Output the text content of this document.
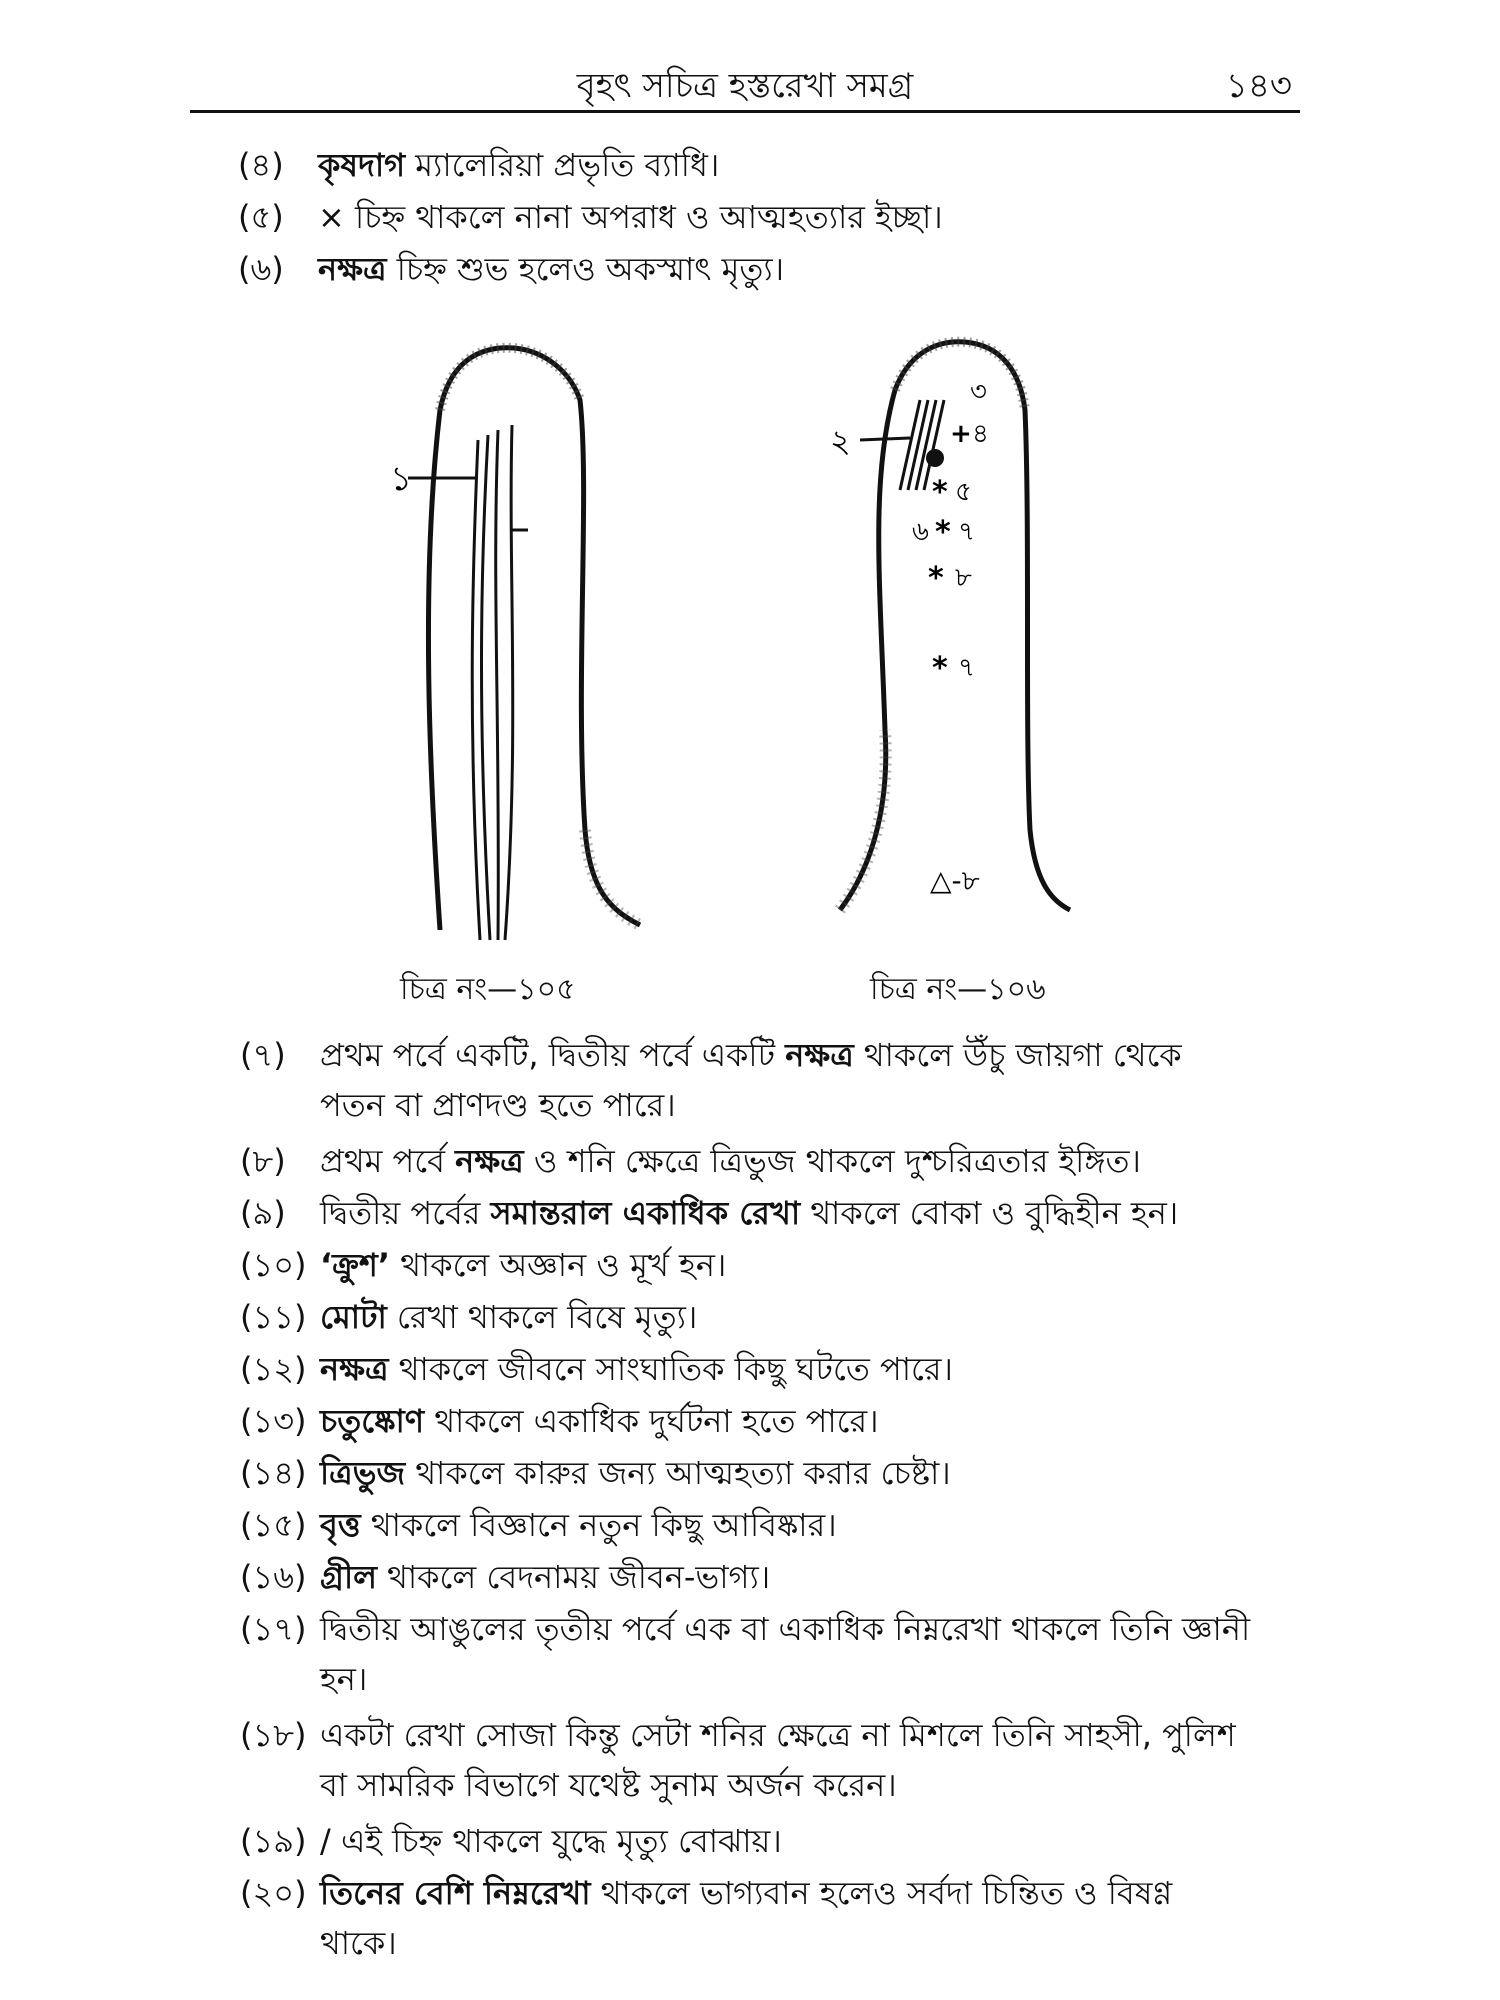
বৃহৎ সচিত্র হস্তরেখা সমগ্র	১৪৩
(৪) কৃষদাগ ম্যালেরিয়া প্রভৃতি ব্যাধি।
(৫) × চিহ্ন থাকলে নানা অপরাধ ও আত্মহত্যার ইচ্ছা।
(৬) নক্ষত্র চিহ্ন শুভ হলেও অকস্মাৎ মৃত্যু।
১
চিত্র নং—১০৫
২
৩
+ ৪
* ৫
৬ * ৭
* ৮
* ৭
△-৮
চিত্র নং—১০৬
(৭) প্রথম পর্বে একটি, দ্বিতীয় পর্বে একটি নক্ষত্র থাকলে উঁচু জায়গা থেকে
পতন বা প্রাণদণ্ড হতে পারে।
(৮) প্রথম পর্বে নক্ষত্র ও শনি ক্ষেত্রে ত্রিভুজ থাকলে দুশ্চরিত্রতার ইঙ্গিত।
(৯) দ্বিতীয় পর্বের সমান্তরাল একাধিক রেখা থাকলে বোকা ও বুদ্ধিহীন হন।
(১০) ‘ক্রুশ’ থাকলে অজ্ঞান ও মূর্খ হন।
(১১) মোটা রেখা থাকলে বিষে মৃত্যু।
(১২) নক্ষত্র থাকলে জীবনে সাংঘাতিক কিছু ঘটতে পারে।
(১৩) চতুষ্কোণ থাকলে একাধিক দুর্ঘটনা হতে পারে।
(১৪) ত্রিভুজ থাকলে কারুর জন্য আত্মহত্যা করার চেষ্টা।
(১৫) বৃত্ত থাকলে বিজ্ঞানে নতুন কিছু আবিষ্কার।
(১৬) গ্রীল থাকলে বেদনাময় জীবন-ভাগ্য।
(১৭) দ্বিতীয় আঙুলের তৃতীয় পর্বে এক বা একাধিক নিম্নরেখা থাকলে তিনি জ্ঞানী
হন।
(১৮) একটা রেখা সোজা কিন্তু সেটা শনির ক্ষেত্রে না মিশলে তিনি সাহসী, পুলিশ
বা সামরিক বিভাগে যথেষ্ট সুনাম অর্জন করেন।
(১৯) / এই চিহ্ন থাকলে যুদ্ধে মৃত্যু বোঝায়।
(২০) তিনের বেশি নিম্নরেখা থাকলে ভাগ্যবান হলেও সর্বদা চিন্তিত ও বিষণ্ণ
থাকে।
